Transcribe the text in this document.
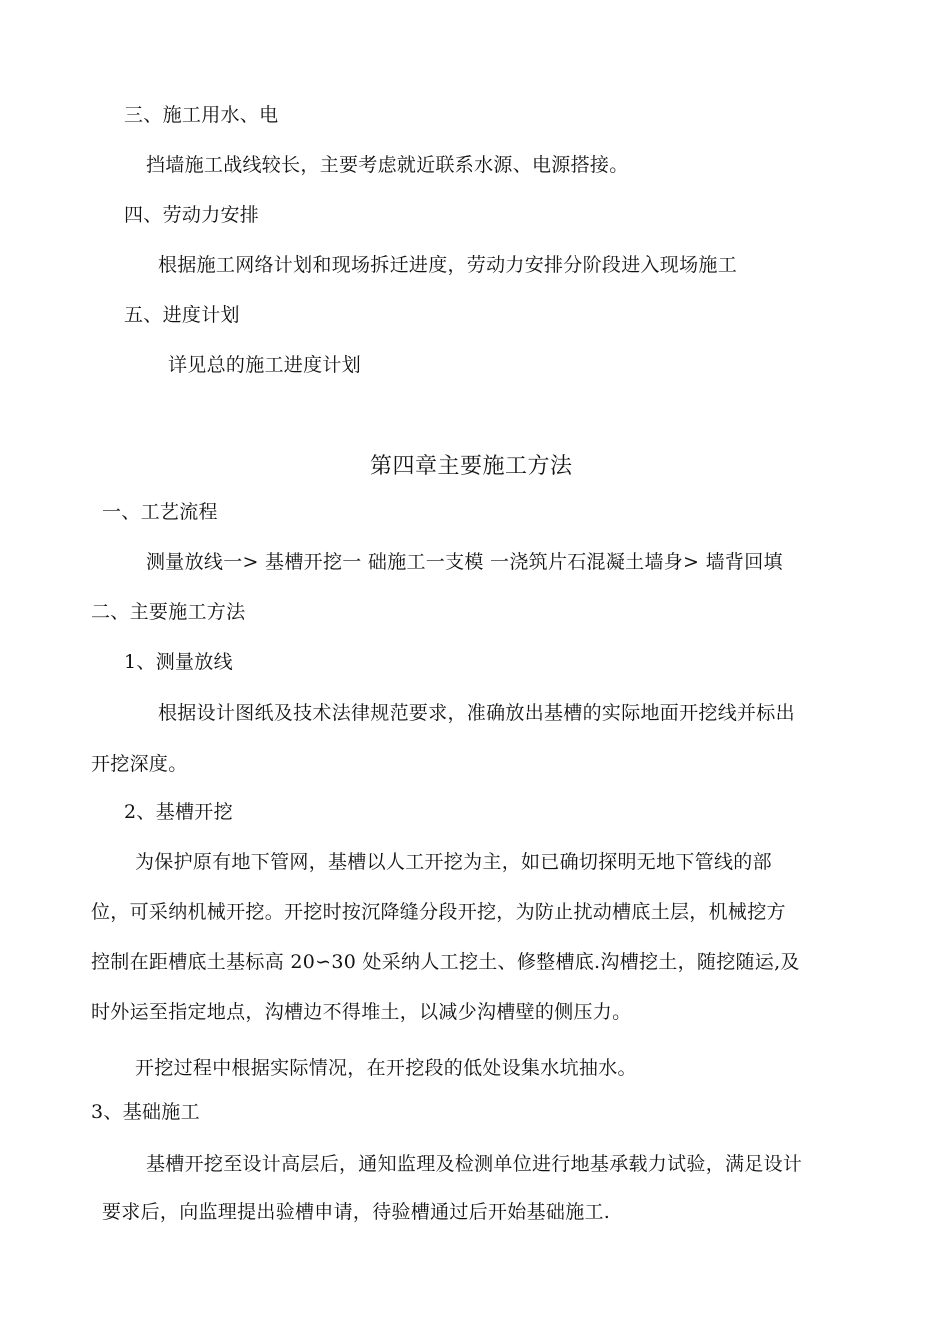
三、施工用水、电
挡墙施工战线较长，主要考虑就近联系水源、电源搭接。
四、劳动力安排
根据施工网络计划和现场拆迁进度，劳动力安排分阶段进入现场施工
五、进度计划
详见总的施工进度计划
第四章主要施工方法
一、工艺流程
测量放线一> 基槽开挖一 础施工一支模 一浇筑片石混凝土墙身> 墙背回填
二、主要施工方法
1、测量放线
根据设计图纸及技术法律规范要求，准确放出基槽的实际地面开挖线并标出
开挖深度。
2、基槽开挖
为保护原有地下管网，基槽以人工开挖为主，如已确切探明无地下管线的部
位，可采纳机械开挖。开挖时按沉降缝分段开挖，为防止扰动槽底土层，机械挖方
控制在距槽底土基标高 20∽30 处采纳人工挖土、修整槽底.沟槽挖土，随挖随运,及
时外运至指定地点，沟槽边不得堆土，以减少沟槽壁的侧压力。
开挖过程中根据实际情况，在开挖段的低处设集水坑抽水。
3、基础施工
基槽开挖至设计高层后，通知监理及检测单位进行地基承载力试验，满足设计
要求后，向监理提出验槽申请，待验槽通过后开始基础施工.
